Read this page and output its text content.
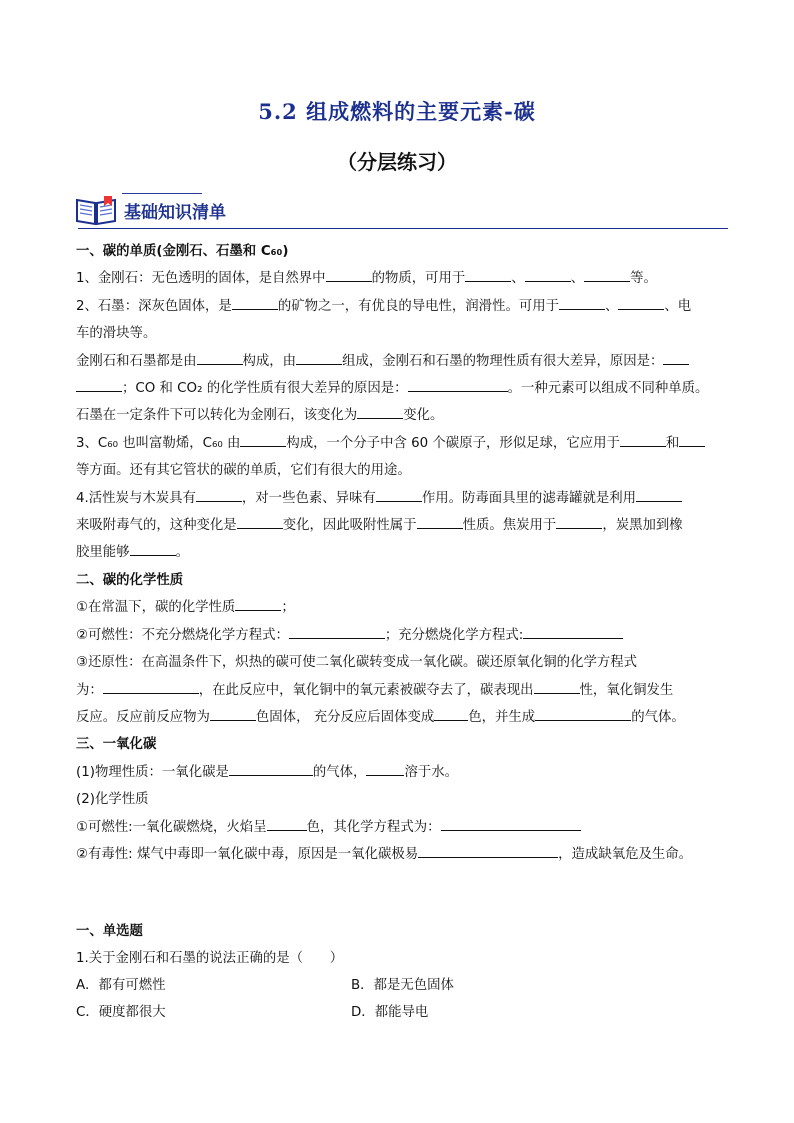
5.2 组成燃料的主要元素-碳
（分层练习）
基础知识清单

一、碳的单质(金刚石、石墨和 C₆₀)

1、金刚石：无色透明的固体，是自然界中	的物质，可用于	、	、	等。

2、石墨：深灰色固体，是	的矿物之一，有优良的导电性，润滑性。可用于	、	、电

车的滑块等。

金刚石和石墨都是由	构成，由	组成，金刚石和石墨的物理性质有很大差异，原因是：

；CO 和 CO₂ 的化学性质有很大差异的原因是：	。一种元素可以组成不同种单质。

石墨在一定条件下可以转化为金刚石，该变化为	变化。

3、C₆₀ 也叫富勒烯，C₆₀ 由	构成，一个分子中含 60 个碳原子，形似足球，它应用于	和

等方面。还有其它管状的碳的单质，它们有很大的用途。

4.活性炭与木炭具有	，对一些色素、异味有	作用。防毒面具里的滤毒罐就是利用

来吸附毒气的，这种变化是	变化，因此吸附性属于	性质。焦炭用于	，炭黑加到橡

胶里能够	。

二、碳的化学性质

①在常温下，碳的化学性质	；

②可燃性：不充分燃烧化学方程式：	；充分燃烧化学方程式:

③还原性：在高温条件下，炽热的碳可使二氧化碳转变成一氧化碳。碳还原氧化铜的化学方程式

为：	，在此反应中，氧化铜中的氧元素被碳夺去了，碳表现出	性，氧化铜发生

反应。反应前反应物为	色固体， 充分反应后固体变成	色，并生成	的气体。

三、一氧化碳

(1)物理性质：一氧化碳是	的气体，	溶于水。

(2)化学性质

①可燃性:一氧化碳燃烧，火焰呈	色，其化学方程式为：

②有毒性: 煤气中毒即一氧化碳中毒，原因是一氧化碳极易	，造成缺氧危及生命。

一、单选题

1.关于金刚石和石墨的说法正确的是（　　）

A．都有可燃性	B．都是无色固体
C．硬度都很大	D．都能导电
